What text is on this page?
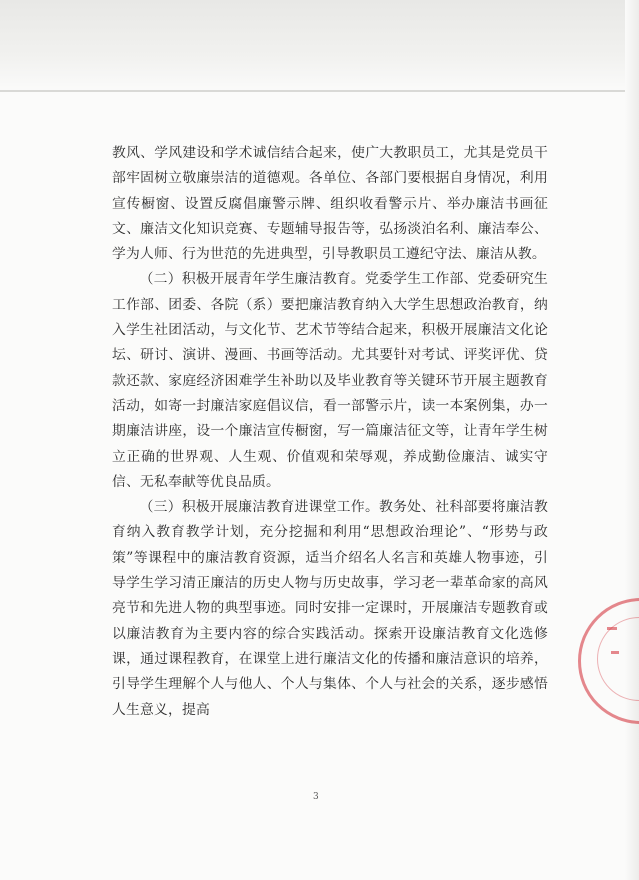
教风、学风建设和学术诚信结合起来，使广大教职员工，尤其是党员干部牢固树立敬廉崇洁的道德观。各单位、各部门要根据自身情况，利用宣传橱窗、设置反腐倡廉警示牌、组织收看警示片、举办廉洁书画征文、廉洁文化知识竞赛、专题辅导报告等，弘扬淡泊名利、廉洁奉公、学为人师、行为世范的先进典型，引导教职员工遵纪守法、廉洁从教。

（二）积极开展青年学生廉洁教育。党委学生工作部、党委研究生工作部、团委、各院（系）要把廉洁教育纳入大学生思想政治教育，纳入学生社团活动，与文化节、艺术节等结合起来，积极开展廉洁文化论坛、研讨、演讲、漫画、书画等活动。尤其要针对考试、评奖评优、贷款还款、家庭经济困难学生补助以及毕业教育等关键环节开展主题教育活动，如寄一封廉洁家庭倡议信，看一部警示片，读一本案例集，办一期廉洁讲座，设一个廉洁宣传橱窗，写一篇廉洁征文等，让青年学生树立正确的世界观、人生观、价值观和荣辱观，养成勤俭廉洁、诚实守信、无私奉献等优良品质。

（三）积极开展廉洁教育进课堂工作。教务处、社科部要将廉洁教育纳入教育教学计划，充分挖掘和利用“思想政治理论”、“形势与政策”等课程中的廉洁教育资源，适当介绍名人名言和英雄人物事迹，引导学生学习清正廉洁的历史人物与历史故事，学习老一辈革命家的高风亮节和先进人物的典型事迹。同时安排一定课时，开展廉洁专题教育或以廉洁教育为主要内容的综合实践活动。探索开设廉洁教育文化选修课，通过课程教育，在课堂上进行廉洁文化的传播和廉洁意识的培养，引导学生理解个人与他人、个人与集体、个人与社会的关系，逐步感悟人生意义，提高

3
